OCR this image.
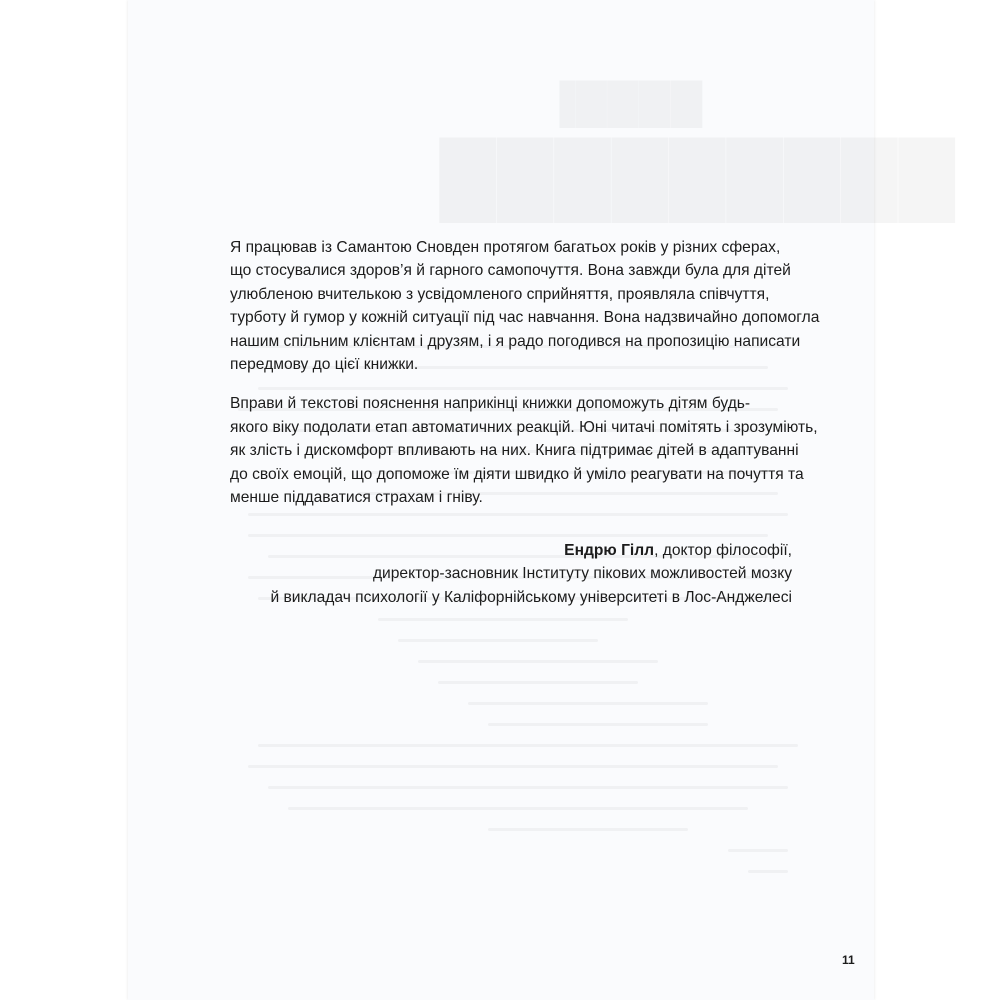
████▌
█████████

Я працював із Самантою Сновден протягом багатьох років у різних сферах,
що стосувалися здоров’я й гарного самопочуття. Вона завжди була для дітей
улюбленою вчителькою з усвідомленого сприйняття, проявляла співчуття,
турботу й гумор у кожній ситуації під час навчання. Вона надзвичайно допомогла
нашим спільним клієнтам і друзям, і я радо погодився на пропозицію написати
передмову до цієї книжки.

Вправи й текстові пояснення наприкінці книжки допоможуть дітям будь-
якого віку подолати етап автоматичних реакцій. Юні читачі помітять і зрозуміють,
як злість і дискомфорт впливають на них. Книга підтримає дітей в адаптуванні
до своїх емоцій, що допоможе їм діяти швидко й уміло реагувати на почуття та
менше піддаватися страхам і гніву.

Ендрю Гілл, доктор філософії,
директор-засновник Інституту пікових можливостей мозку
й викладач психології у Каліфорнійському університеті в Лос-Анджелесі
11
